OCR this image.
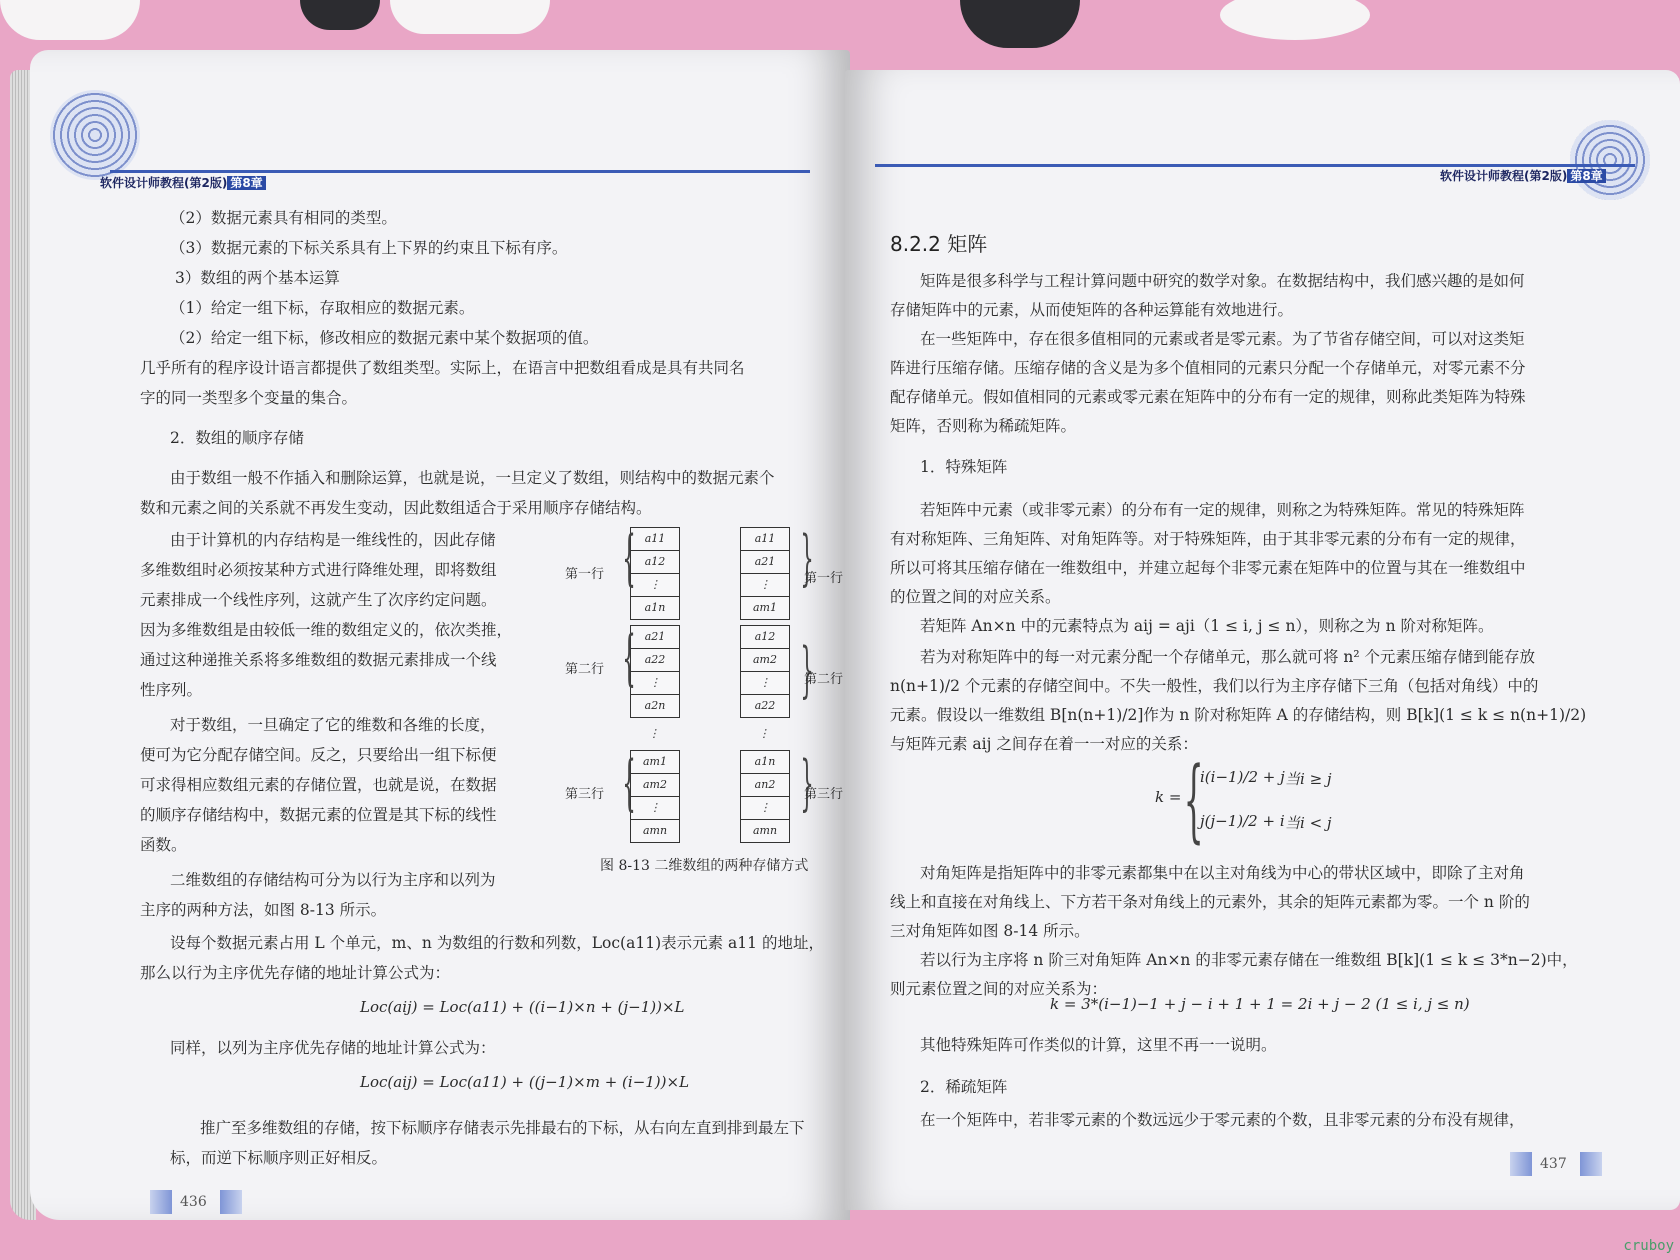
软件设计师教程(第2版) 第8章
（2）数据元素具有相同的类型。
（3）数据元素的下标关系具有上下界的约束且下标有序。
3）数组的两个基本运算
（1）给定一组下标，存取相应的数据元素。
（2）给定一组下标，修改相应的数据元素中某个数据项的值。
几乎所有的程序设计语言都提供了数组类型。实际上，在语言中把数组看成是具有共同名
字的同一类型多个变量的集合。
2．数组的顺序存储
由于数组一般不作插入和删除运算，也就是说，一旦定义了数组，则结构中的数据元素个
数和元素之间的关系就不再发生变动，因此数组适合于采用顺序存储结构。
由于计算机的内存结构是一维线性的，因此存储
多维数组时必须按某种方式进行降维处理，即将数组
元素排成一个线性序列，这就产生了次序约定问题。
因为多维数组是由较低一维的数组定义的，依次类推，
通过这种递推关系将多维数组的数据元素排成一个线
性序列。
对于数组，一旦确定了它的维数和各维的长度，
便可为它分配存储空间。反之，只要给出一组下标便
可求得相应数组元素的存储位置，也就是说，在数据
的顺序存储结构中，数据元素的位置是其下标的线性
函数。
二维数组的存储结构可分为以行为主序和以列为
主序的两种方法，如图 8-13 所示。
a11
a12
⋮
a1n
a21
a22
⋮
a2n
⋮
am1
am2
⋮
amn
a11
a21
⋮
am1
a12
am2
⋮
a22
⋮
a1n
an2
⋮
amn
第一行
第二行
第三行
{
{
{
}
}
}
第一行
第二行
第三行
图 8-13 二维数组的两种存储方式
设每个数据元素占用 L 个单元，m、n 为数组的行数和列数，Loc(a11)表示元素 a11 的地址，
那么以行为主序优先存储的地址计算公式为：
Loc(aij) = Loc(a11) + ((i−1)×n + (j−1))×L
同样，以列为主序优先存储的地址计算公式为：
Loc(aij) = Loc(a11) + ((j−1)×m + (i−1))×L
推广至多维数组的存储，按下标顺序存储表示先排最右的下标，从右向左直到排到最左下
标，而逆下标顺序则正好相反。
436
软件设计师教程(第2版) 第8章
8.2.2 矩阵
矩阵是很多科学与工程计算问题中研究的数学对象。在数据结构中，我们感兴趣的是如何
存储矩阵中的元素，从而使矩阵的各种运算能有效地进行。
在一些矩阵中，存在很多值相同的元素或者是零元素。为了节省存储空间，可以对这类矩
阵进行压缩存储。压缩存储的含义是为多个值相同的元素只分配一个存储单元，对零元素不分
配存储单元。假如值相同的元素或零元素在矩阵中的分布有一定的规律，则称此类矩阵为特殊
矩阵，否则称为稀疏矩阵。
1．特殊矩阵
若矩阵中元素（或非零元素）的分布有一定的规律，则称之为特殊矩阵。常见的特殊矩阵
有对称矩阵、三角矩阵、对角矩阵等。对于特殊矩阵，由于其非零元素的分布有一定的规律，
所以可将其压缩存储在一维数组中，并建立起每个非零元素在矩阵中的位置与其在一维数组中
的位置之间的对应关系。
若矩阵 An×n 中的元素特点为 aij = aji（1 ≤ i, j ≤ n），则称之为 n 阶对称矩阵。
若为对称矩阵中的每一对元素分配一个存储单元，那么就可将 n² 个元素压缩存储到能存放
n(n+1)/2 个元素的存储空间中。不失一般性，我们以行为主序存储下三角（包括对角线）中的
元素。假设以一维数组 B[n(n+1)/2]作为 n 阶对称矩阵 A 的存储结构，则 B[k](1 ≤ k ≤ n(n+1)/2)
与矩阵元素 aij 之间存在着一一对应的关系：
k = {
i(i−1)/2 + j 当i ≥ j
j(j−1)/2 + i 当i < j
对角矩阵是指矩阵中的非零元素都集中在以主对角线为中心的带状区域中，即除了主对角
线上和直接在对角线上、下方若干条对角线上的元素外，其余的矩阵元素都为零。一个 n 阶的
三对角矩阵如图 8-14 所示。
若以行为主序将 n 阶三对角矩阵 An×n 的非零元素存储在一维数组 B[k](1 ≤ k ≤ 3*n−2)中，
则元素位置之间的对应关系为：
k = 3*(i−1)−1 + j − i + 1 + 1 = 2i + j − 2 (1 ≤ i, j ≤ n)
其他特殊矩阵可作类似的计算，这里不再一一说明。
2．稀疏矩阵
在一个矩阵中，若非零元素的个数远远少于零元素的个数，且非零元素的分布没有规律，
437
cruboy
